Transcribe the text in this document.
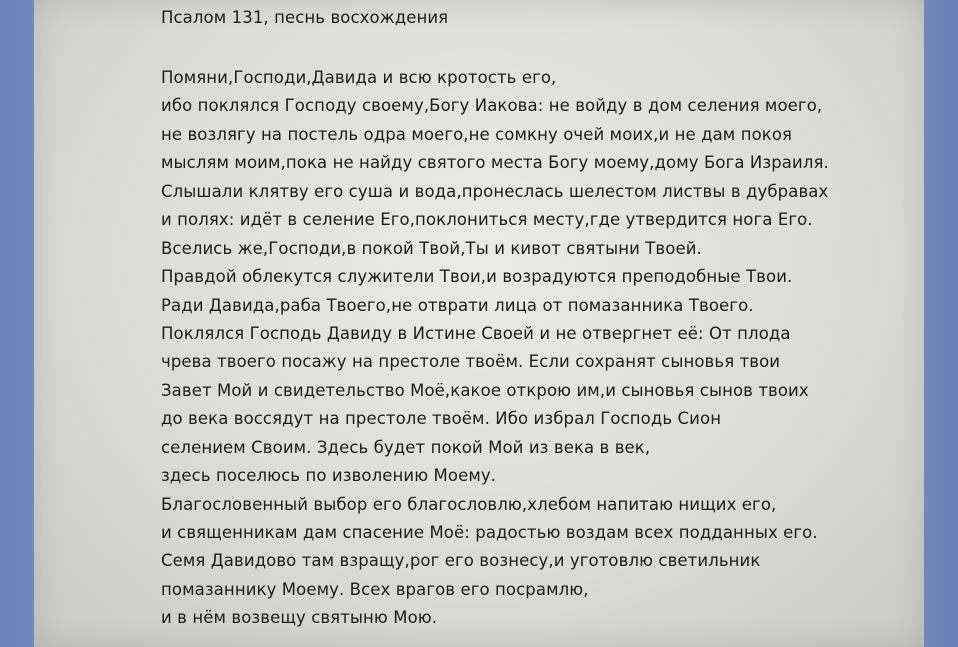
Псалом 131, песнь восхождения
Помяни,Господи,Давида и всю кротость его,
ибо поклялся Господу своему,Богу Иакова: не войду в дом селения моего,
не возлягу на постель одра моего,не сомкну очей моих,и не дам покоя
мыслям моим,пока не найду святого места Богу моему,дому Бога Израиля.
Слышали клятву его суша и вода,пронеслась шелестом листвы в дубравах
и полях: идёт в селение Его,поклониться месту,где утвердится нога Его.
Вселись же,Господи,в покой Твой,Ты и кивот святыни Твоей.
Правдой облекутся служители Твои,и возрадуются преподобные Твои.
Ради Давида,раба Твоего,не отврати лица от помазанника Твоего.
Поклялся Господь Давиду в Истине Своей и не отвергнет её: От плода
чрева твоего посажу на престоле твоём. Если сохранят сыновья твои
Завет Мой и свидетельство Моё,какое открою им,и сыновья сынов твоих
до века воссядут на престоле твоём. Ибо избрал Господь Сион
селением Своим. Здесь будет покой Мой из века в век,
здесь поселюсь по изволению Моему.
Благословенный выбор его благословлю,хлебом напитаю нищих его,
и священникам дам спасение Моё: радостью воздам всех подданных его.
Семя Давидово там взращу,рог его вознесу,и уготовлю светильник
помазаннику Моему. Всех врагов его посрамлю,
и в нём возвещу святыню Мою.
